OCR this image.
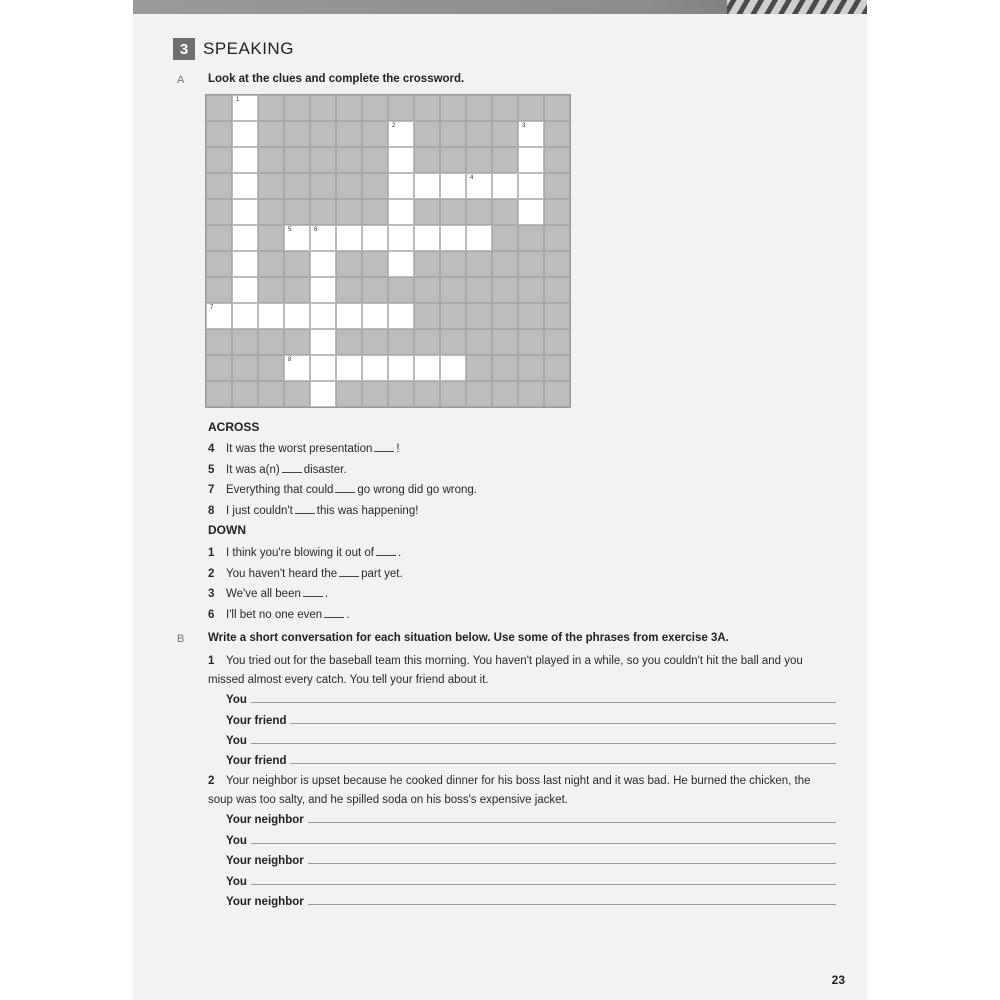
3 SPEAKING
A Look at the clues and complete the crossword.
1
2	3
4
5	6
7
8
ACROSS
4 It was the worst presentation !
5 It was a(n) disaster.
7 Everything that could go wrong did go wrong.
8 I just couldn't this was happening!
DOWN
1 I think you're blowing it out of .
2 You haven't heard the part yet.
3 We've all been .
6 I'll bet no one even .
B Write a short conversation for each situation below. Use some of the phrases from exercise 3A.
1 You tried out for the baseball team this morning. You haven't played in a while, so you couldn't hit the ball and you missed almost every catch. You tell your friend about it.
You
Your friend
You
Your friend
2 Your neighbor is upset because he cooked dinner for his boss last night and it was bad. He burned the chicken, the soup was too salty, and he spilled soda on his boss's expensive jacket.
Your neighbor
You
Your neighbor
You
Your neighbor
23
